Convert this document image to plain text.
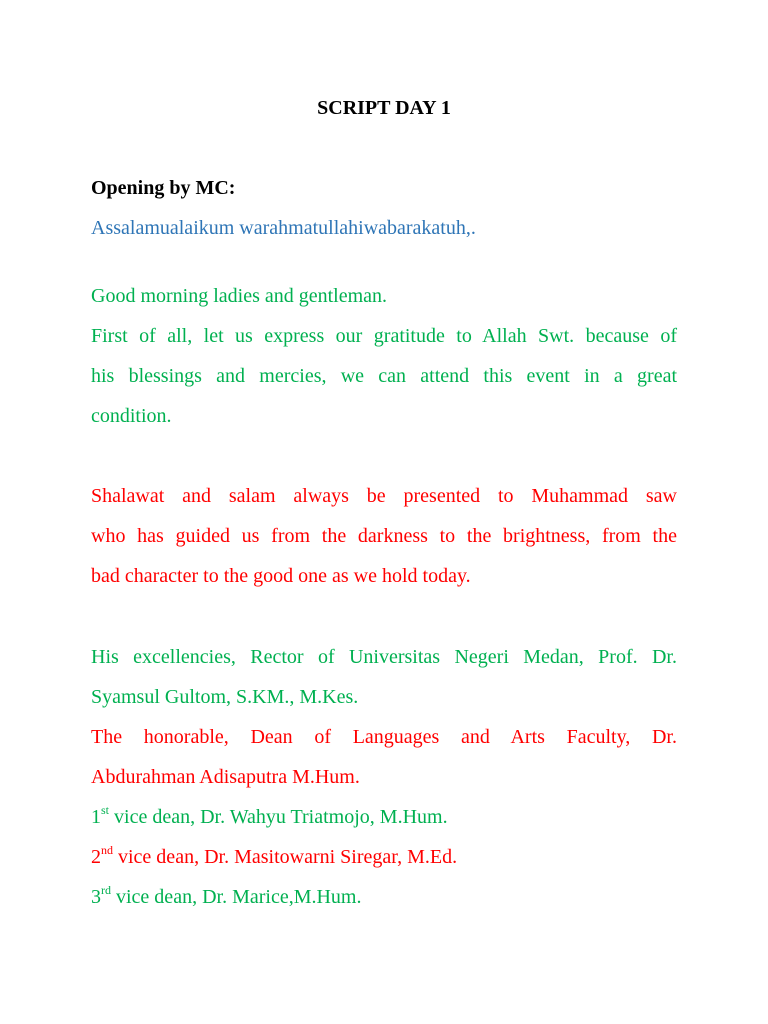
SCRIPT DAY 1
Opening by MC:
Assalamualaikum warahmatullahiwabarakatuh,.
Good morning ladies and gentleman.
First of all, let us express our gratitude to Allah Swt. because of
his blessings and mercies, we can attend this event in a great
condition.
Shalawat and salam always be presented to Muhammad saw
who has guided us from the darkness to the brightness, from the
bad character to the good one as we hold today.
His excellencies, Rector of Universitas Negeri Medan, Prof. Dr.
Syamsul Gultom, S.KM., M.Kes.
The honorable, Dean of Languages and Arts Faculty, Dr.
Abdurahman Adisaputra M.Hum.
1st vice dean, Dr. Wahyu Triatmojo, M.Hum.
2nd vice dean, Dr. Masitowarni Siregar, M.Ed.
3rd vice dean, Dr. Marice,M.Hum.
